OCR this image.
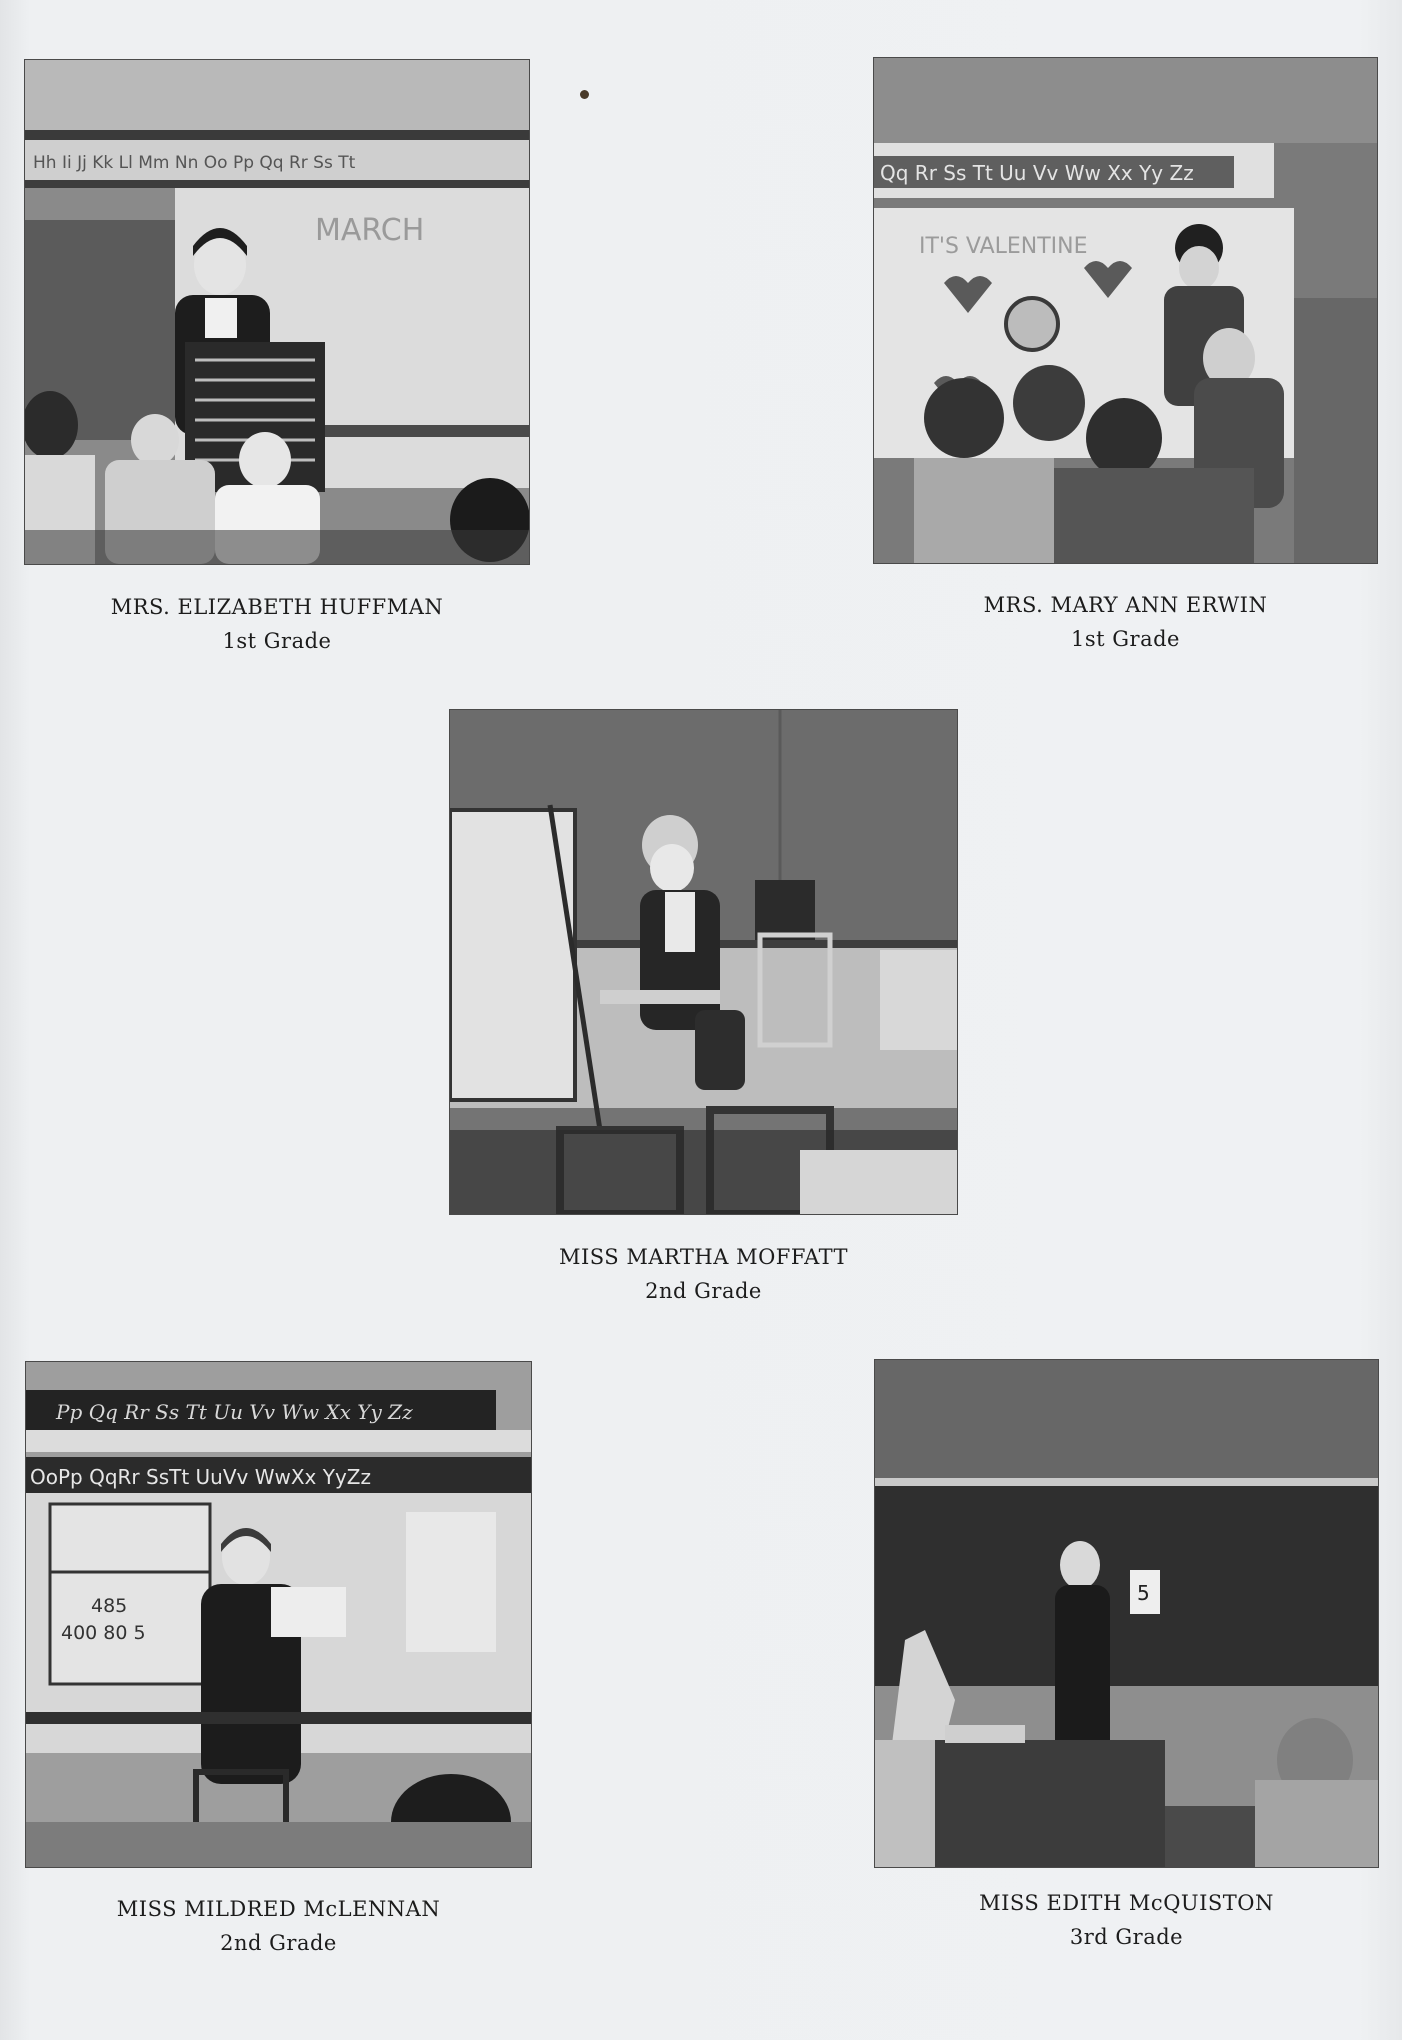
Hh Ii Jj Kk Ll Mm Nn Oo Pp Qq Rr Ss Tt
MARCH
MRS. ELIZABETH HUFFMAN
1st Grade
Qq Rr Ss Tt Uu Vv Ww Xx Yy Zz
IT'S VALENTINE
MRS. MARY ANN ERWIN
1st Grade
MISS MARTHA MOFFATT
2nd Grade
Pp Qq Rr Ss Tt Uu Vv Ww Xx Yy Zz
OoPp QqRr SsTt UuVv WwXx YyZz
485
400 80 5
MISS MILDRED McLENNAN
2nd Grade
5
MISS EDITH McQUISTON
3rd Grade
